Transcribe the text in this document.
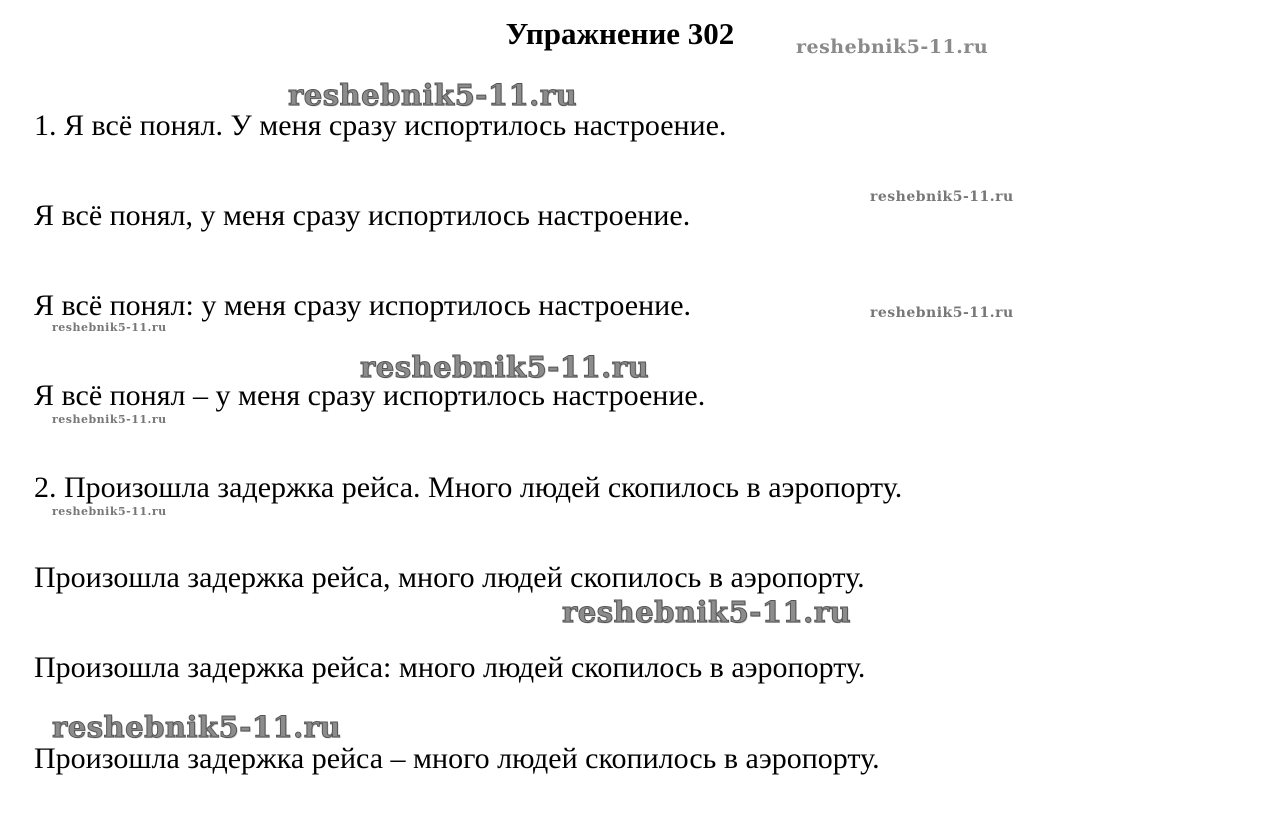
Упражнение 302	reshebnik5-11.ru
reshebnik5-11.ru
reshebnik5-11.ru
reshebnik5-11.ru
reshebnik5-11.ru
reshebnik5-11.ru
reshebnik5-11.ru
reshebnik5-11.ru
reshebnik5-11.ru
reshebnik5-11.ru
1. Я всё понял. У меня сразу испортилось настроение.
Я всё понял, у меня сразу испортилось настроение.
Я всё понял: у меня сразу испортилось настроение.
Я всё понял – у меня сразу испортилось настроение.
2. Произошла задержка рейса. Много людей скопилось в аэропорту.
Произошла задержка рейса, много людей скопилось в аэропорту.
Произошла задержка рейса: много людей скопилось в аэропорту.
Произошла задержка рейса – много людей скопилось в аэропорту.
